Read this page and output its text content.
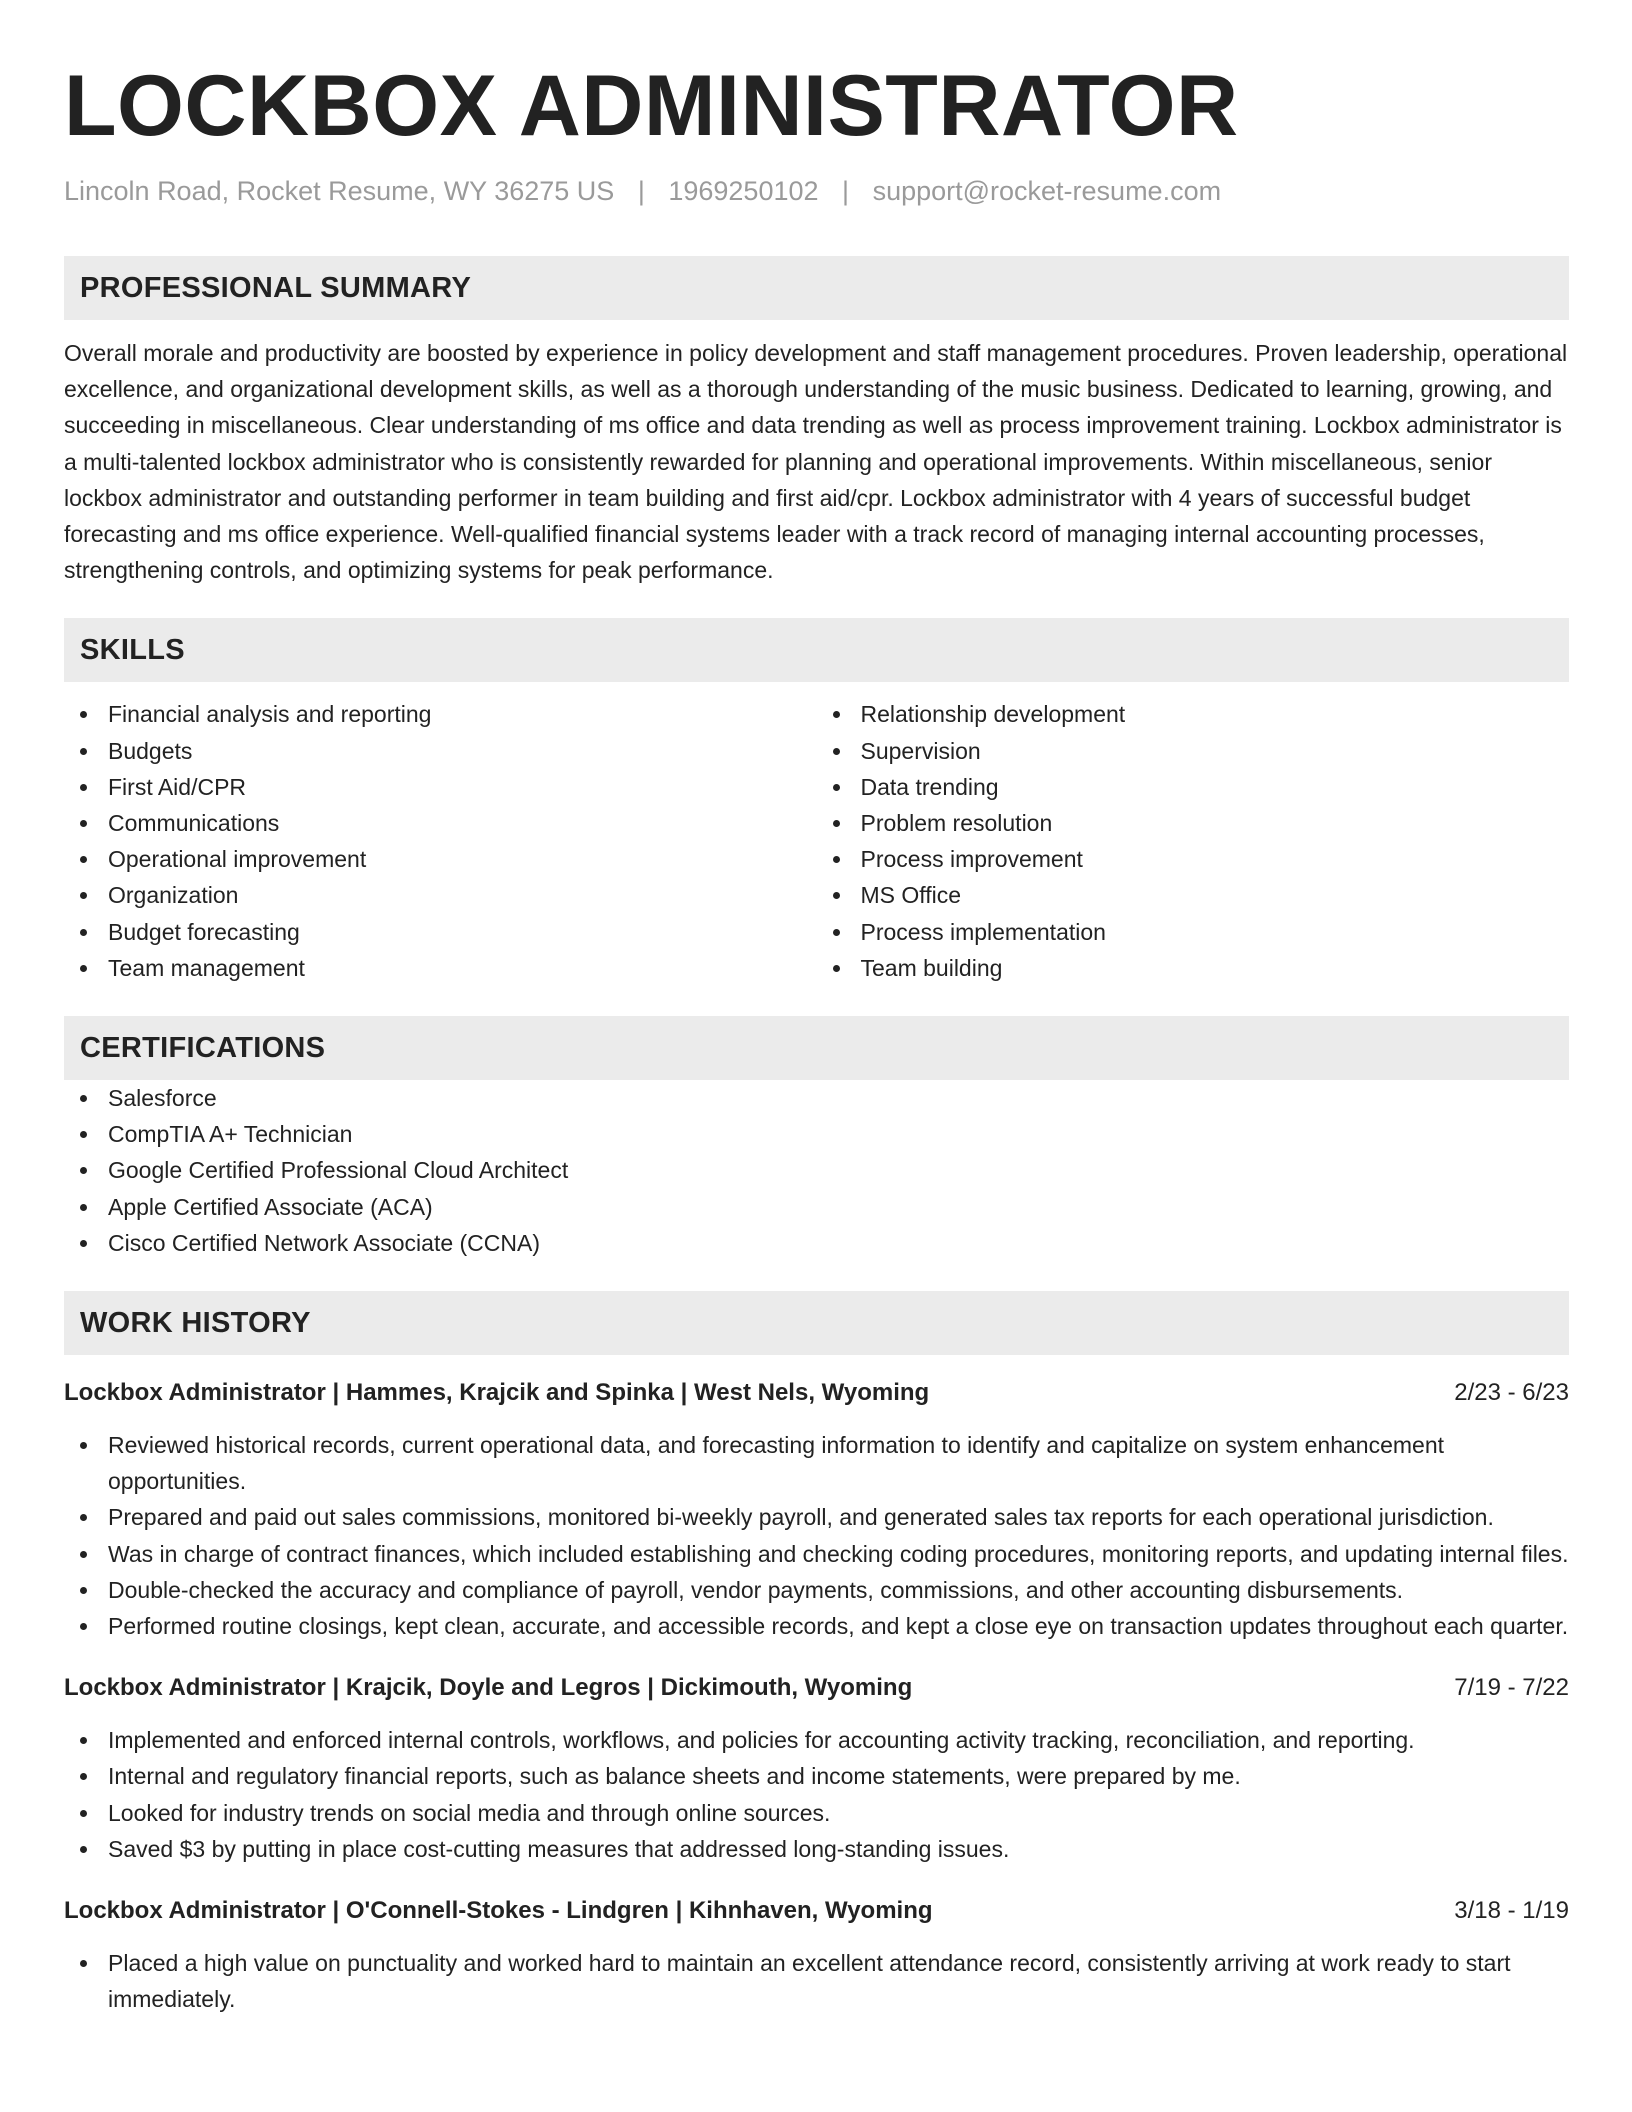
LOCKBOX ADMINISTRATOR
Lincoln Road, Rocket Resume, WY 36275 US | 1969250102 | support@rocket-resume.com
PROFESSIONAL SUMMARY

Overall morale and productivity are boosted by experience in policy development and staff management procedures. Proven leadership, operational excellence, and organizational development skills, as well as a thorough understanding of the music business. Dedicated to learning, growing, and succeeding in miscellaneous. Clear understanding of ms office and data trending as well as process improvement training. Lockbox administrator is a multi-talented lockbox administrator who is consistently rewarded for planning and operational improvements. Within miscellaneous, senior lockbox administrator and outstanding performer in team building and first aid/cpr. Lockbox administrator with 4 years of successful budget forecasting and ms office experience. Well-qualified financial systems leader with a track record of managing internal accounting processes, strengthening controls, and optimizing systems for peak performance.

SKILLS
Financial analysis and reporting
Budgets
First Aid/CPR
Communications
Operational improvement
Organization
Budget forecasting
Team management
Relationship development
Supervision
Data trending
Problem resolution
Process improvement
MS Office
Process implementation
Team building
CERTIFICATIONS
Salesforce
CompTIA A+ Technician
Google Certified Professional Cloud Architect
Apple Certified Associate (ACA)
Cisco Certified Network Associate (CCNA)
WORK HISTORY
Lockbox Administrator | Hammes, Krajcik and Spinka | West Nels, Wyoming	2/23 - 6/23
Reviewed historical records, current operational data, and forecasting information to identify and capitalize on system enhancement opportunities.
Prepared and paid out sales commissions, monitored bi-weekly payroll, and generated sales tax reports for each operational jurisdiction.
Was in charge of contract finances, which included establishing and checking coding procedures, monitoring reports, and updating internal files.
Double-checked the accuracy and compliance of payroll, vendor payments, commissions, and other accounting disbursements.
Performed routine closings, kept clean, accurate, and accessible records, and kept a close eye on transaction updates throughout each quarter.
Lockbox Administrator | Krajcik, Doyle and Legros | Dickimouth, Wyoming	7/19 - 7/22
Implemented and enforced internal controls, workflows, and policies for accounting activity tracking, reconciliation, and reporting.
Internal and regulatory financial reports, such as balance sheets and income statements, were prepared by me.
Looked for industry trends on social media and through online sources.
Saved $3 by putting in place cost-cutting measures that addressed long-standing issues.
Lockbox Administrator | O'Connell-Stokes - Lindgren | Kihnhaven, Wyoming	3/18 - 1/19
Placed a high value on punctuality and worked hard to maintain an excellent attendance record, consistently arriving at work ready to start immediately.
